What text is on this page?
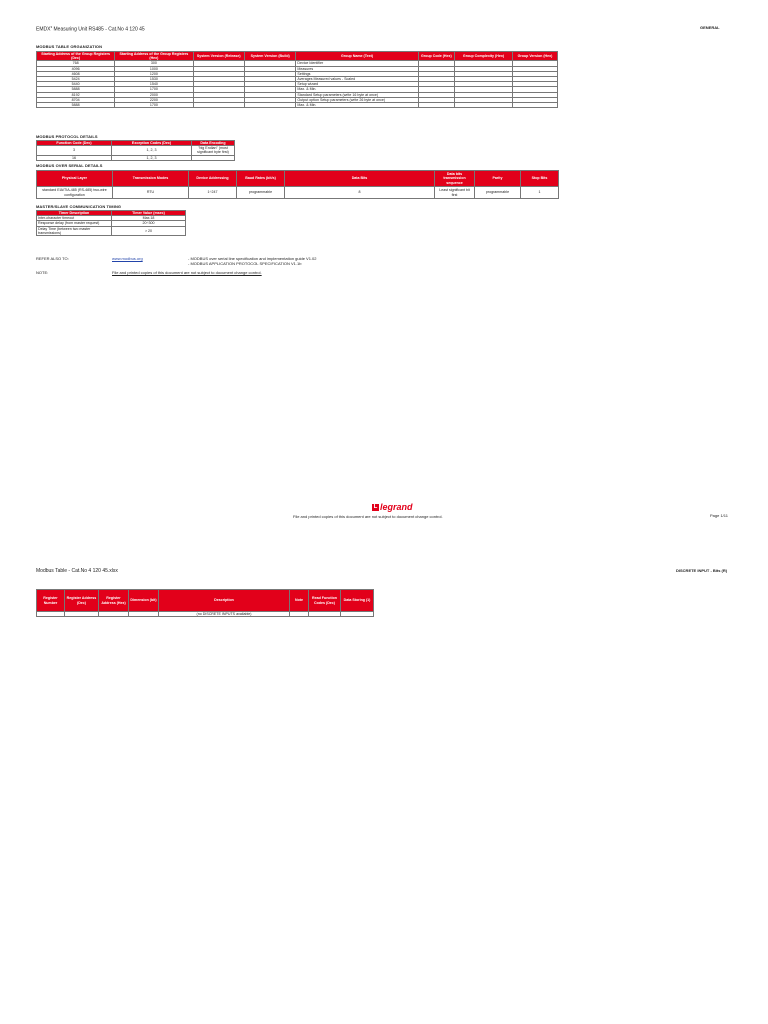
EMDX$^3$ Measuring Unit RS485 - Cat.No 4 120 45	GENERAL
MODBUS TABLE ORGANIZATION
Starting Address of the Group Registers (Dec)	Starting Address of the Group Registers (Hex)	System Version (Release)	System Version (Build)	Group Name (Text)	Group Code (Hex)	Group Complexity (Hex)	Group Version (Hex)
768	300			Device Identifier			
4096	1000			Measures			
4608	1200			Settings			
5424	1530			Averages Measured values - Scaled			
5440	1540			Setup wizard			
5888	1700			Max. & Min.			
8192	2000			Standard Setup parameters (write 16 byte at once)			
8704	2200			Output option Setup parameters (write 26 byte at once)			
5888	1700			Max. & Min.			
MODBUS PROTOCOL DETAILS
Function Code (Dec)	Exception Codes (Dec)	Data Encoding
3	1, 2, 3	"big Endian" (most significant byte first)
16	1, 2, 3	
MODBUS OVER SERIAL DETAILS
Physical Layer	Transmission Modes	Device Addressing	Baud Rates (bit/s)	Data Bits	Data bits transmission sequence	Parity	Stop Bits
standard EIA/TIA-485 (RS-485) two-wire configuration	RTU	1÷247	programmable	8	Least significant bit first	programmable	1
MASTER/SLAVE COMMUNICATION TIMING
Timer Description	Timer Value (msec)
Inter-character timeout	Max.18
Response delay (from master request)	20÷300
Delay Time (between two master transmissions)	> 20
REFER ALSO TO:	www.modbus.org	- MODBUS over serial line specification and implementation guide V1.02
- MODBUS APPLICATION PROTOCOL SPECIFICATION V1.1b
NOTE:	File and printed copies of this document are not subject to document change control.
L legrand
File and printed copies of this document are not subject to document change control.	Page 1/11
Modbus Table - Cat.No 4 120 45.xlsx	DISCRETE INPUT - Bits (R)
Register Number	Register Address (Dec)	Register Address (Hex)	Dimension (bit)	Description	Note	Read Function Codes (Dec)	Data Storing (1)
				(no DISCRETE INPUTS available)			
